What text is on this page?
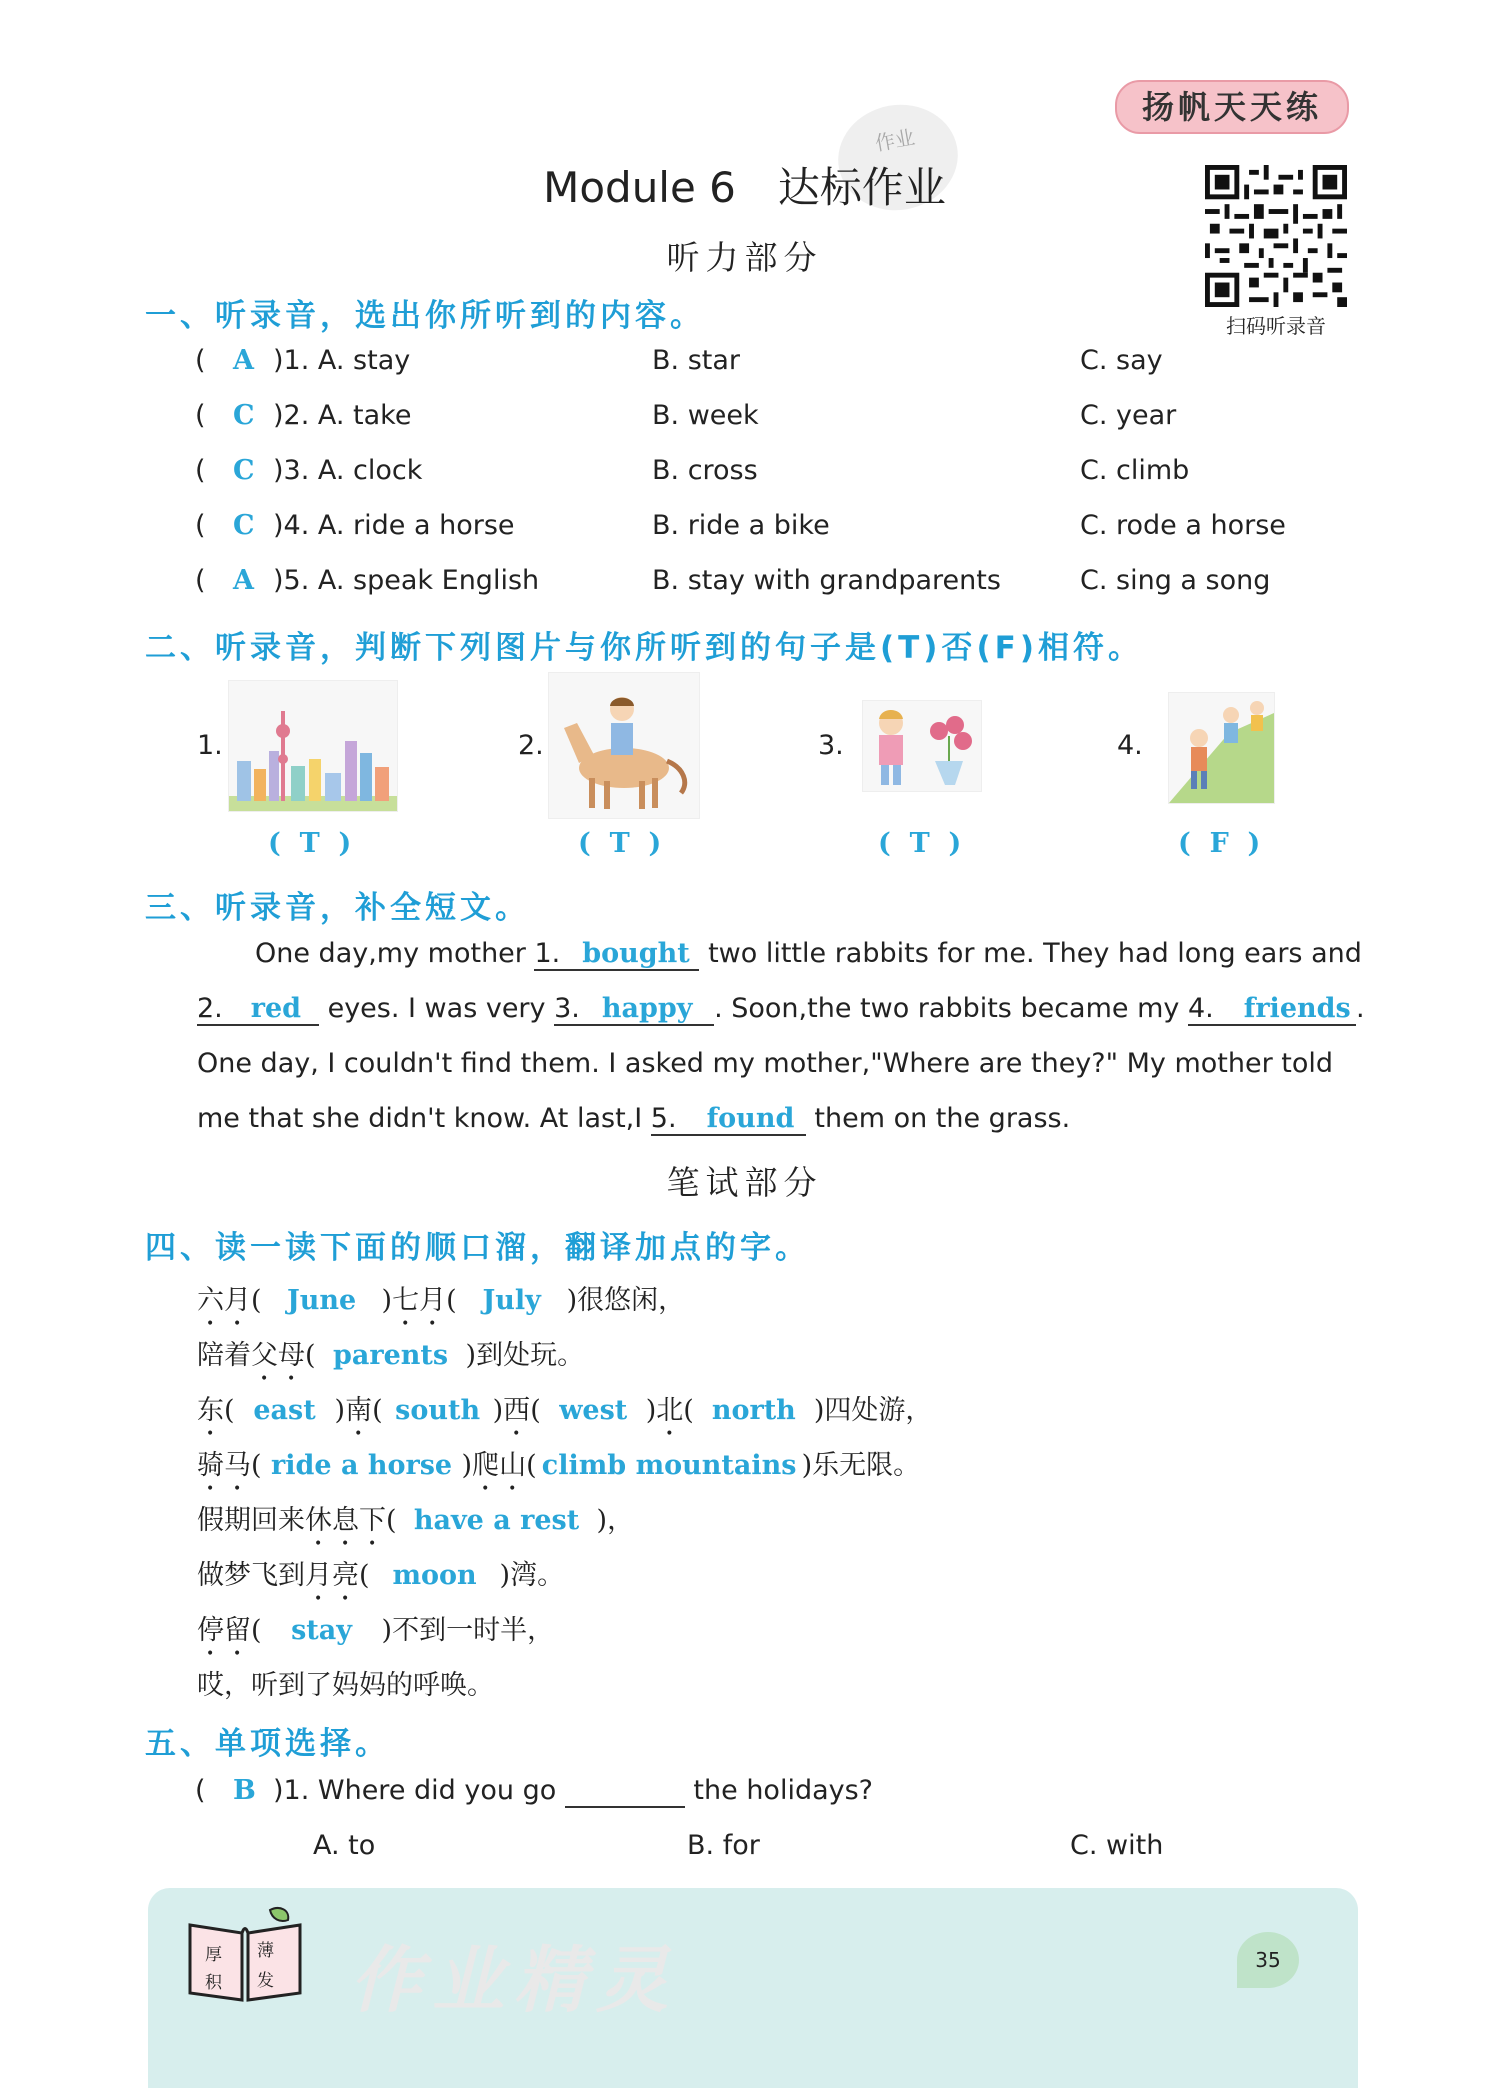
扬帆天天练
作业
Module 6　达标作业
听力部分
扫码听录音
一、听录音，选出你所听到的内容。
( A )1. A. stay	B. star	C. say
( C )2. A. take	B. week	C. year
( C )3. A. clock	B. cross	C. climb
( C )4. A. ride a horse	B. ride a bike	C. rode a horse
( A )5. A. speak English	B. stay with grandparents	C. sing a song
二、听录音，判断下列图片与你所听到的句子是(T)否(F)相符。
1.
(  T  )
2.
(  T  )
3.
(  T  )
4.
(  F  )
三、听录音，补全短文。
One day,my mother 1. bought two little rabbits for me. They had long ears and
2. red eyes. I was very 3. happy . Soon,the two rabbits became my 4. friends .
One day, I couldn't find them. I asked my mother,"Where are they?" My mother told
me that she didn't know. At last,I 5. found them on the grass.
笔试部分
四、读一读下面的顺口溜，翻译加点的字。
六月( June )七月( July )很悠闲，
陪着父母( parents )到处玩。
东( east )南( south )西( west )北( north )四处游，
骑马( ride a horse )爬山( climb mountains )乐无限。
假期回来休息下( have a rest )，
做梦飞到月亮( moon )湾。
停留( stay )不到一时半，
哎，听到了妈妈的呼唤。
五、单项选择。
( B )1. Where did you go	the holidays?
A. to	B. for	C. with
厚 薄
积 发 作业精灵	35
